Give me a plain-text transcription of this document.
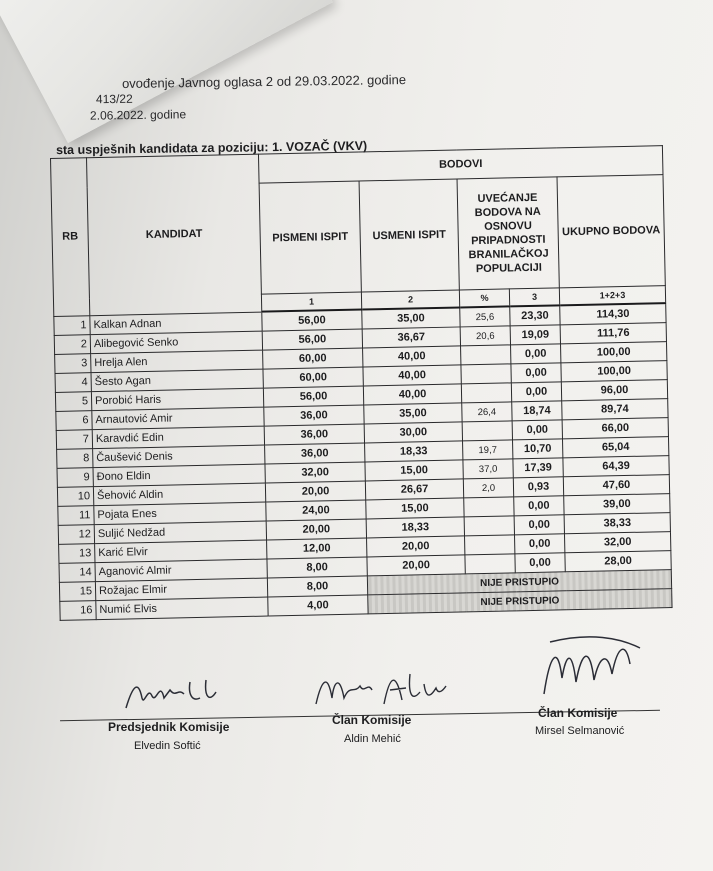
ovođenje Javnog oglasa 2 od 29.03.2022. godine
413/22
2.06.2022. godine
sta uspješnih kandidata za poziciju: 1. VOZAČ (VKV)
RB	KANDIDAT	BODOVI				
		PISMENI ISPIT	USMENI ISPIT	UVEĆANJE BODOVA NA OSNOVU PRIPADNOSTI BRANILAČKOJ POPULACIJI		UKUPNO BODOVA
		1	2	%	3	1+2+3
1	Kalkan Adnan	56,00	35,00	25,6	23,30	114,30
2	Alibegović Senko	56,00	36,67	20,6	19,09	111,76
3	Hrelja Alen	60,00	40,00		0,00	100,00
4	Šesto Agan	60,00	40,00		0,00	100,00
5	Porobić Haris	56,00	40,00		0,00	96,00
6	Arnautović Amir	36,00	35,00	26,4	18,74	89,74
7	Karavdić Edin	36,00	30,00		0,00	66,00
8	Čaušević Denis	36,00	18,33	19,7	10,70	65,04
9	Đono Eldin	32,00	15,00	37,0	17,39	64,39
10	Šehović Aldin	20,00	26,67	2,0	0,93	47,60
11	Pojata Enes	24,00	15,00		0,00	39,00
12	Suljić Nedžad	20,00	18,33		0,00	38,33
13	Karić Elvir	12,00	20,00		0,00	32,00
14	Aganović Almir	8,00	20,00		0,00	28,00
15	Rožajac Elmir	8,00	NIJE PRISTUPIO			
16	Numić Elvis	4,00	NIJE PRISTUPIO			
Predsjednik Komisije
Elvedin Softić
Član Komisije
Aldin Mehić
Član Komisije
Mirsel Selmanović
